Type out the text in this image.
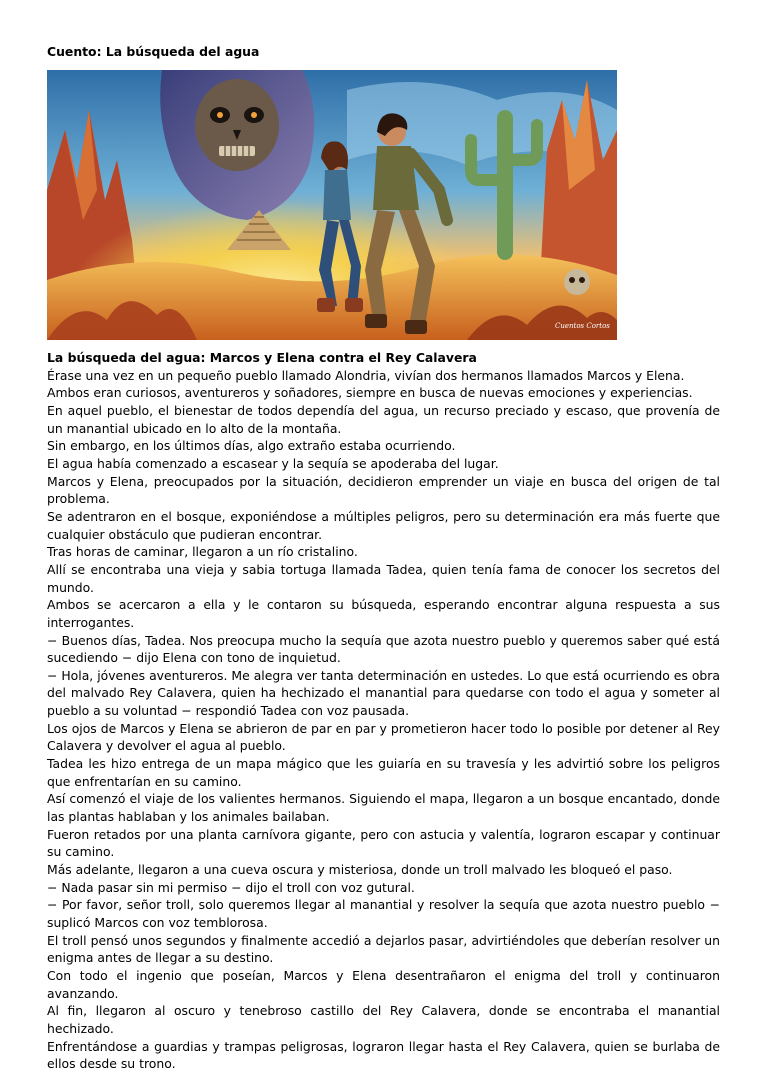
Cuento: La búsqueda del agua
Cuentos Cortos
La búsqueda del agua: Marcos y Elena contra el Rey Calavera

Érase una vez en un pequeño pueblo llamado Alondria, vivían dos hermanos llamados Marcos y Elena.

Ambos eran curiosos, aventureros y soñadores, siempre en busca de nuevas emociones y experiencias.

En aquel pueblo, el bienestar de todos dependía del agua, un recurso preciado y escaso, que provenía de un manantial ubicado en lo alto de la montaña.

Sin embargo, en los últimos días, algo extraño estaba ocurriendo.

El agua había comenzado a escasear y la sequía se apoderaba del lugar.

Marcos y Elena, preocupados por la situación, decidieron emprender un viaje en busca del origen de tal problema.

Se adentraron en el bosque, exponiéndose a múltiples peligros, pero su determinación era más fuerte que cualquier obstáculo que pudieran encontrar.

Tras horas de caminar, llegaron a un río cristalino.

Allí se encontraba una vieja y sabia tortuga llamada Tadea, quien tenía fama de conocer los secretos del mundo.

Ambos se acercaron a ella y le contaron su búsqueda, esperando encontrar alguna respuesta a sus interrogantes.

− Buenos días, Tadea. Nos preocupa mucho la sequía que azota nuestro pueblo y queremos saber qué está sucediendo − dijo Elena con tono de inquietud.

− Hola, jóvenes aventureros. Me alegra ver tanta determinación en ustedes. Lo que está ocurriendo es obra del malvado Rey Calavera, quien ha hechizado el manantial para quedarse con todo el agua y someter al pueblo a su voluntad − respondió Tadea con voz pausada.

Los ojos de Marcos y Elena se abrieron de par en par y prometieron hacer todo lo posible por detener al Rey Calavera y devolver el agua al pueblo.

Tadea les hizo entrega de un mapa mágico que les guiaría en su travesía y les advirtió sobre los peligros que enfrentarían en su camino.

Así comenzó el viaje de los valientes hermanos. Siguiendo el mapa, llegaron a un bosque encantado, donde las plantas hablaban y los animales bailaban.

Fueron retados por una planta carnívora gigante, pero con astucia y valentía, lograron escapar y continuar su camino.

Más adelante, llegaron a una cueva oscura y misteriosa, donde un troll malvado les bloqueó el paso.

− Nada pasar sin mi permiso − dijo el troll con voz gutural.

− Por favor, señor troll, solo queremos llegar al manantial y resolver la sequía que azota nuestro pueblo − suplicó Marcos con voz temblorosa.

El troll pensó unos segundos y finalmente accedió a dejarlos pasar, advirtiéndoles que deberían resolver un enigma antes de llegar a su destino.

Con todo el ingenio que poseían, Marcos y Elena desentrañaron el enigma del troll y continuaron avanzando.

Al fin, llegaron al oscuro y tenebroso castillo del Rey Calavera, donde se encontraba el manantial hechizado.

Enfrentándose a guardias y trampas peligrosas, lograron llegar hasta el Rey Calavera, quien se burlaba de ellos desde su trono.
